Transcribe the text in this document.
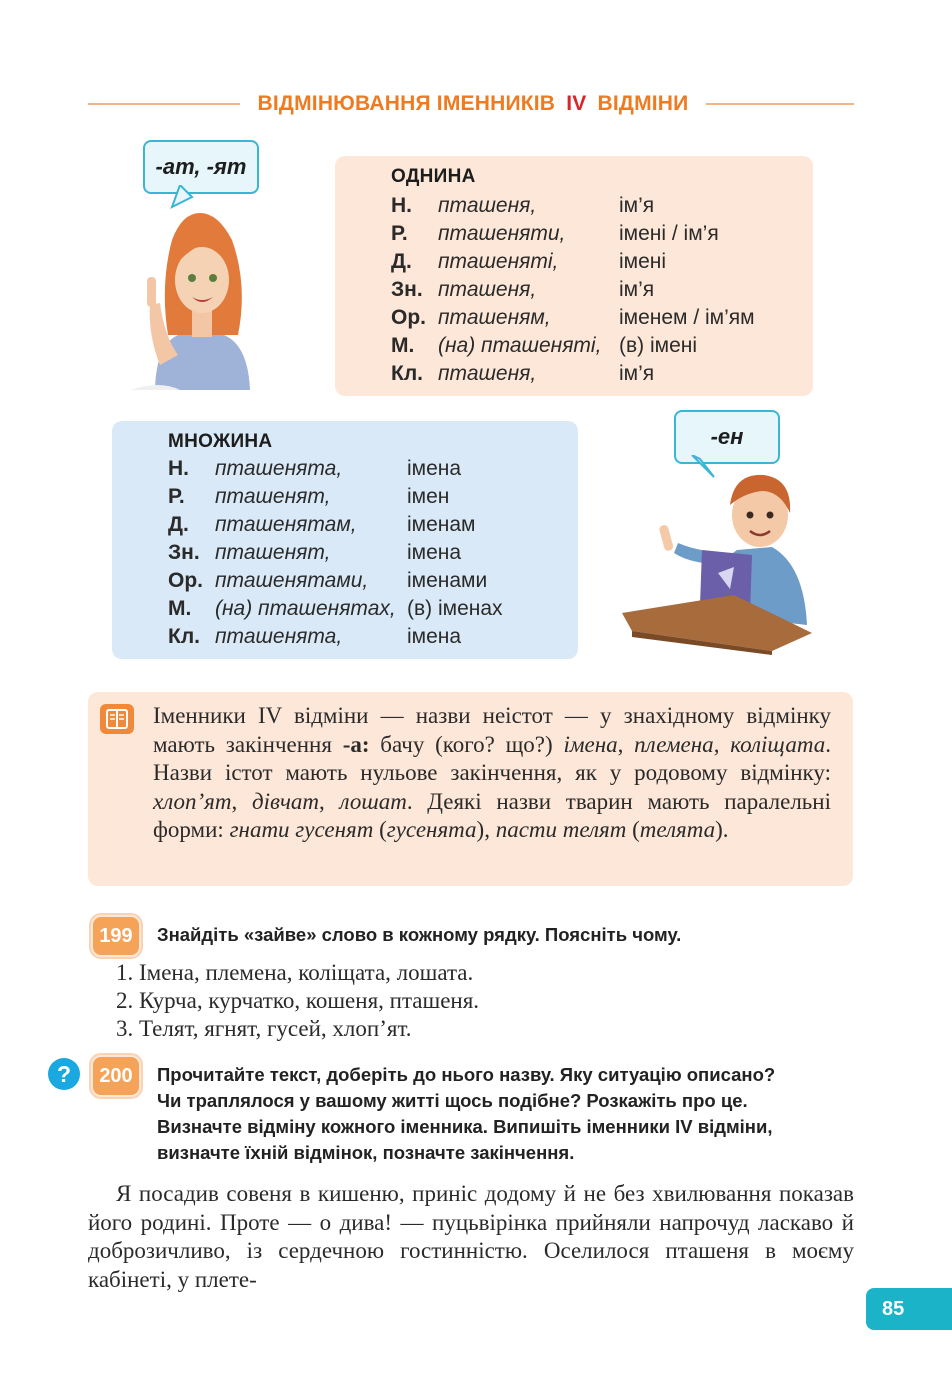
ВІДМІНЮВАННЯ ІМЕННИКІВ IV ВІДМІНИ
-ат, -ят	ОДНИНА
Н. пташеня,	ім’я
Р. пташеняти,	імені / ім’я
Д. пташеняті,	імені
Зн. пташеня,	ім’я
Ор. пташеням,	іменем / ім’ям
М. (на) пташеняті, (в) імені
Кл. пташеня,	ім’я
МНОЖИНА
Н. пташенята,	імена
Р. пташенят,	імен
Д. пташенятам, іменам
Зн. пташенят,	імена
Ор. пташенятами, іменами
М. (на) пташенятах, (в) іменах
Кл. пташенята,	імена
-ен
Іменники IV відміни — назви неістот — у знахідному відмінку мають закінчення -а: бачу (кого? що?) імена, племена, коліщата. Назви істот мають нульове закінчення, як у родовому відмінку: хлоп’ят, дівчат, лошат. Деякі назви тварин мають паралельні форми: гнати гусенят (гусенята), пасти телят (телята).
199	Знайдіть «зайве» слово в кожному рядку. Поясніть чому.
1. Імена, племена, коліщата, лошата.
2. Курча, курчатко, кошеня, пташеня.
3. Телят, ягнят, гусей, хлоп’ят.
?	200	Прочитайте текст, доберіть до нього назву. Яку ситуацію описано?
Чи траплялося у вашому житті щось подібне? Розкажіть про це.
Визначте відміну кожного іменника. Випишіть іменники IV відміни,
визначте їхній відмінок, позначте закінчення.
Я посадив совеня в кишеню, приніс додому й не без хвилювання показав його родині. Проте — о дива! — пуцьвірінка прийняли напрочуд ласкаво й доброзичливо, із сердечною гостинністю. Оселилося пташеня в моєму кабінеті, у плете-
85
